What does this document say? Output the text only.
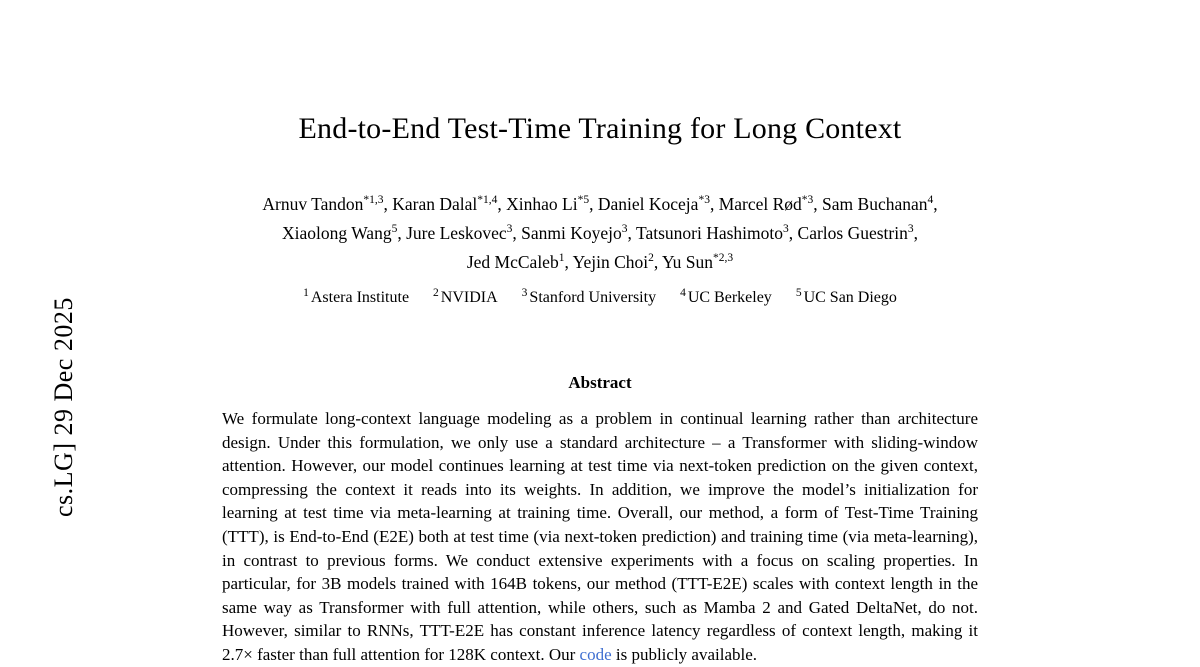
cs.LG] 29 Dec 2025
End-to-End Test-Time Training for Long Context
Arnuv Tandon$^{*1,3}$, Karan Dalal$^{*1,4}$, Xinhao Li$^{*5}$, Daniel Koceja$^{*3}$, Marcel Rød$^{*3}$, Sam Buchanan$^4$,
Xiaolong Wang$^5$, Jure Leskovec$^3$, Sanmi Koyejo$^3$, Tatsunori Hashimoto$^3$, Carlos Guestrin$^3$,
Jed McCaleb$^1$, Yejin Choi$^2$, Yu Sun$^{*2,3}$
$^1$ Astera Institute $^2$ NVIDIA $^3$ Stanford University $^4$ UC Berkeley $^5$ UC San Diego
Abstract
We formulate long-context language modeling as a problem in continual learning rather than architecture design. Under this formulation, we only use a standard architecture – a Transformer with sliding-window attention. However, our model continues learning at test time via next-token prediction on the given context, compressing the context it reads into its weights. In addition, we improve the model’s initialization for learning at test time via meta-learning at training time. Overall, our method, a form of Test-Time Training (TTT), is End-to-End (E2E) both at test time (via next-token prediction) and training time (via meta-learning), in contrast to previous forms. We conduct extensive experiments with a focus on scaling properties. In particular, for 3B models trained with 164B tokens, our method (TTT-E2E) scales with context length in the same way as Transformer with full attention, while others, such as Mamba 2 and Gated DeltaNet, do not. However, similar to RNNs, TTT-E2E has constant inference latency regardless of context length, making it 2.7× faster than full attention for 128K context. Our code is publicly available.
